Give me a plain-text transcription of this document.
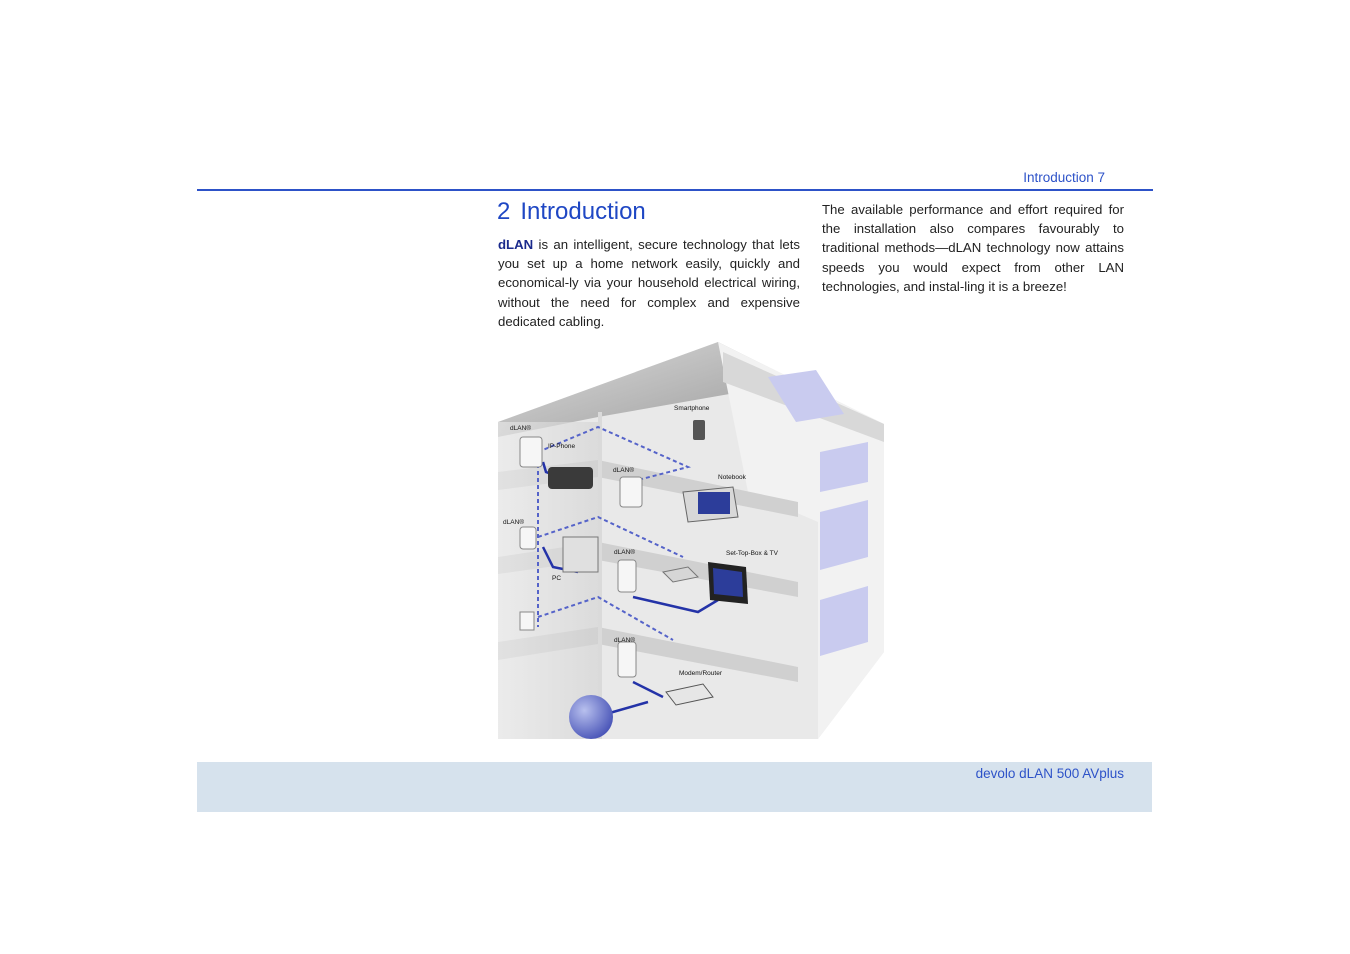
Introduction 7
2 Introduction
dLAN is an intelligent, secure technology that lets you set up a home network easily, quickly and economical-ly via your household electrical wiring, without the need for complex and expensive dedicated cabling.
The available performance and effort required for the installation also compares favourably to traditional methods—dLAN technology now attains speeds you would expect from other LAN technologies, and instal-ling it is a breeze!
dLAN®
IP-Phone
Smartphone
dLAN®
Notebook
dLAN®
dLAN®	Set-Top-Box & TV
PC
dLAN®
Modem/Router
devolo dLAN 500 AVplus
